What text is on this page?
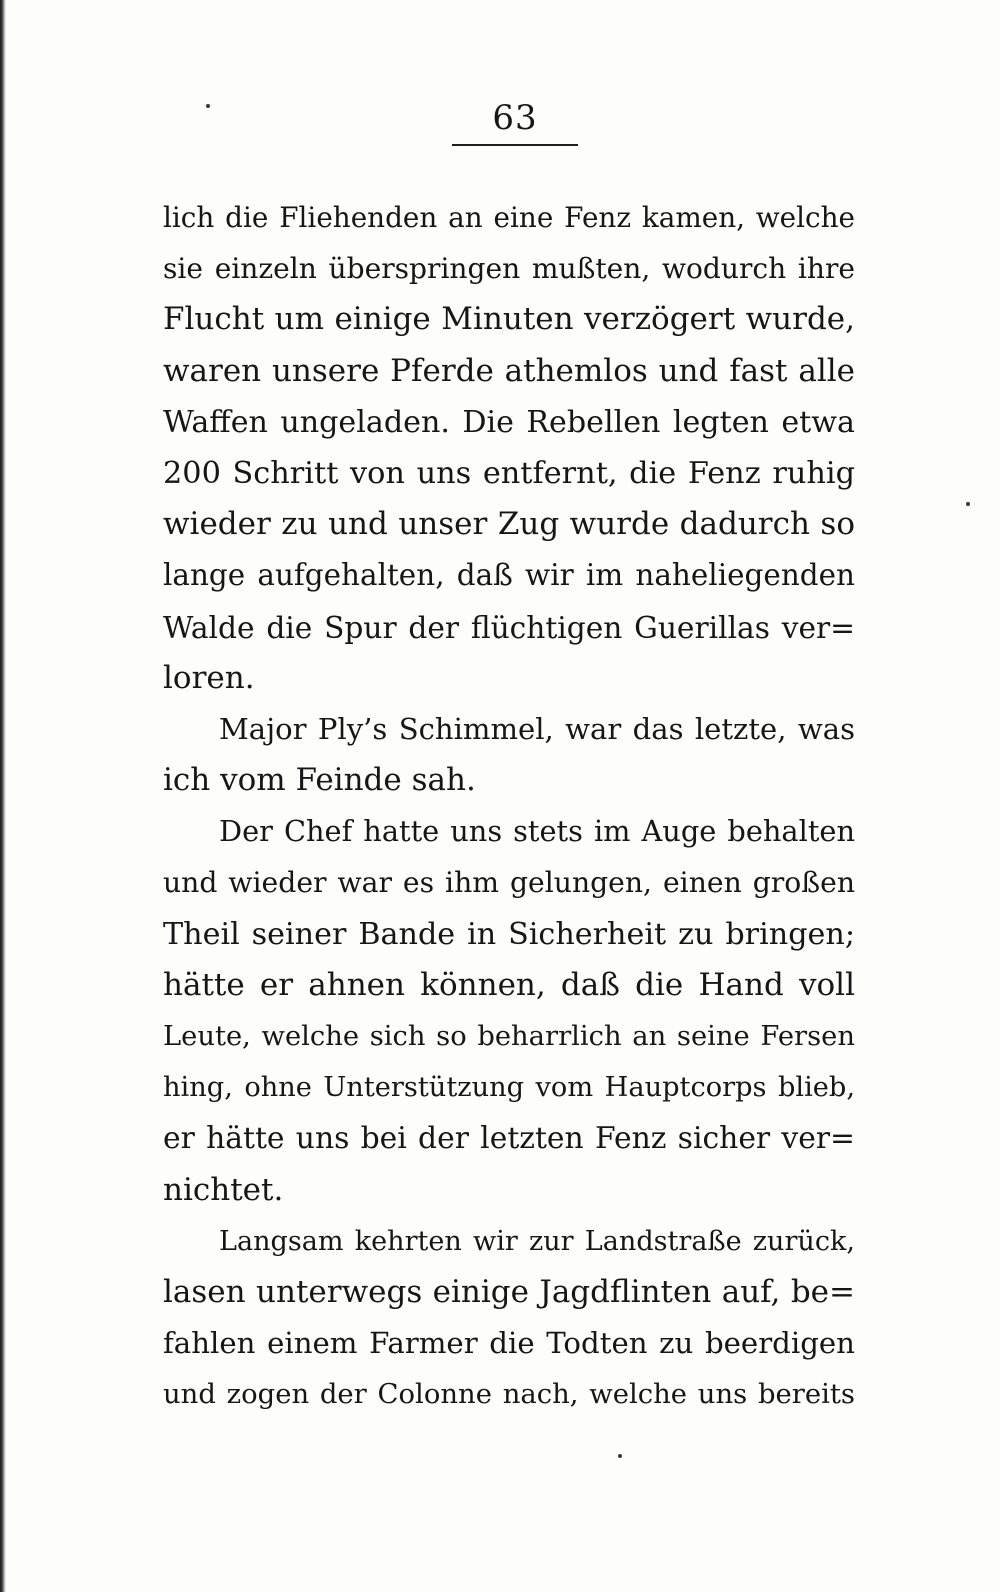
63
lich die Fliehenden an eine Fenz kamen, welche
sie einzeln überspringen mußten, wodurch ihre
Flucht um einige Minuten verzögert wurde,
waren unsere Pferde athemlos und fast alle
Waffen ungeladen. Die Rebellen legten etwa
200 Schritt von uns entfernt, die Fenz ruhig
wieder zu und unser Zug wurde dadurch so
lange aufgehalten, daß wir im naheliegenden
Walde die Spur der flüchtigen Guerillas ver=
loren.
Major Ply’s Schimmel, war das letzte, was
ich vom Feinde sah.
Der Chef hatte uns stets im Auge behalten
und wieder war es ihm gelungen, einen großen
Theil seiner Bande in Sicherheit zu bringen;
hätte er ahnen können, daß die Hand voll
Leute, welche sich so beharrlich an seine Fersen
hing, ohne Unterstützung vom Hauptcorps blieb,
er hätte uns bei der letzten Fenz sicher ver=
nichtet.
Langsam kehrten wir zur Landstraße zurück,
lasen unterwegs einige Jagdflinten auf, be=
fahlen einem Farmer die Todten zu beerdigen
und zogen der Colonne nach, welche uns bereits
